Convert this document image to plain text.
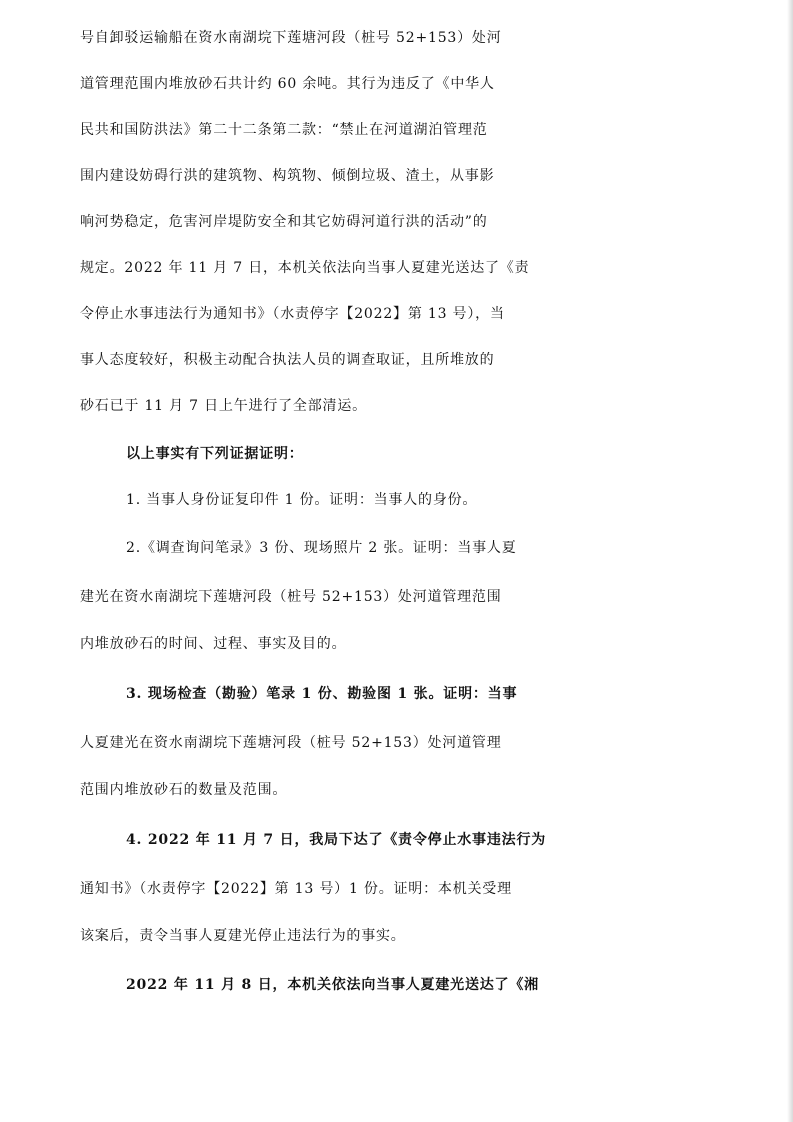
号自卸驳运输船在资水南湖垸下莲塘河段（桩号 52+153）处河

道管理范围内堆放砂石共计约 60 余吨。其行为违反了《中华人

民共和国防洪法》第二十二条第二款：“禁止在河道湖泊管理范

围内建设妨碍行洪的建筑物、构筑物、倾倒垃圾、渣土，从事影

响河势稳定，危害河岸堤防安全和其它妨碍河道行洪的活动”的

规定。2022 年 11 月 7 日，本机关依法向当事人夏建光送达了《责

令停止水事违法行为通知书》（水责停字【2022】第 13 号），当

事人态度较好，积极主动配合执法人员的调查取证，且所堆放的

砂石已于 11 月 7 日上午进行了全部清运。

以上事实有下列证据证明：

1. 当事人身份证复印件 1 份。证明：当事人的身份。

2.《调查询问笔录》3 份、现场照片 2 张。证明：当事人夏

建光在资水南湖垸下莲塘河段（桩号 52+153）处河道管理范围

内堆放砂石的时间、过程、事实及目的。

3. 现场检查（勘验）笔录 1 份、勘验图 1 张。证明：当事

人夏建光在资水南湖垸下莲塘河段（桩号 52+153）处河道管理

范围内堆放砂石的数量及范围。

4. 2022 年 11 月 7 日，我局下达了《责令停止水事违法行为

通知书》（水责停字【2022】第 13 号）1 份。证明：本机关受理

该案后，责令当事人夏建光停止违法行为的事实。

2022 年 11 月 8 日，本机关依法向当事人夏建光送达了《湘
